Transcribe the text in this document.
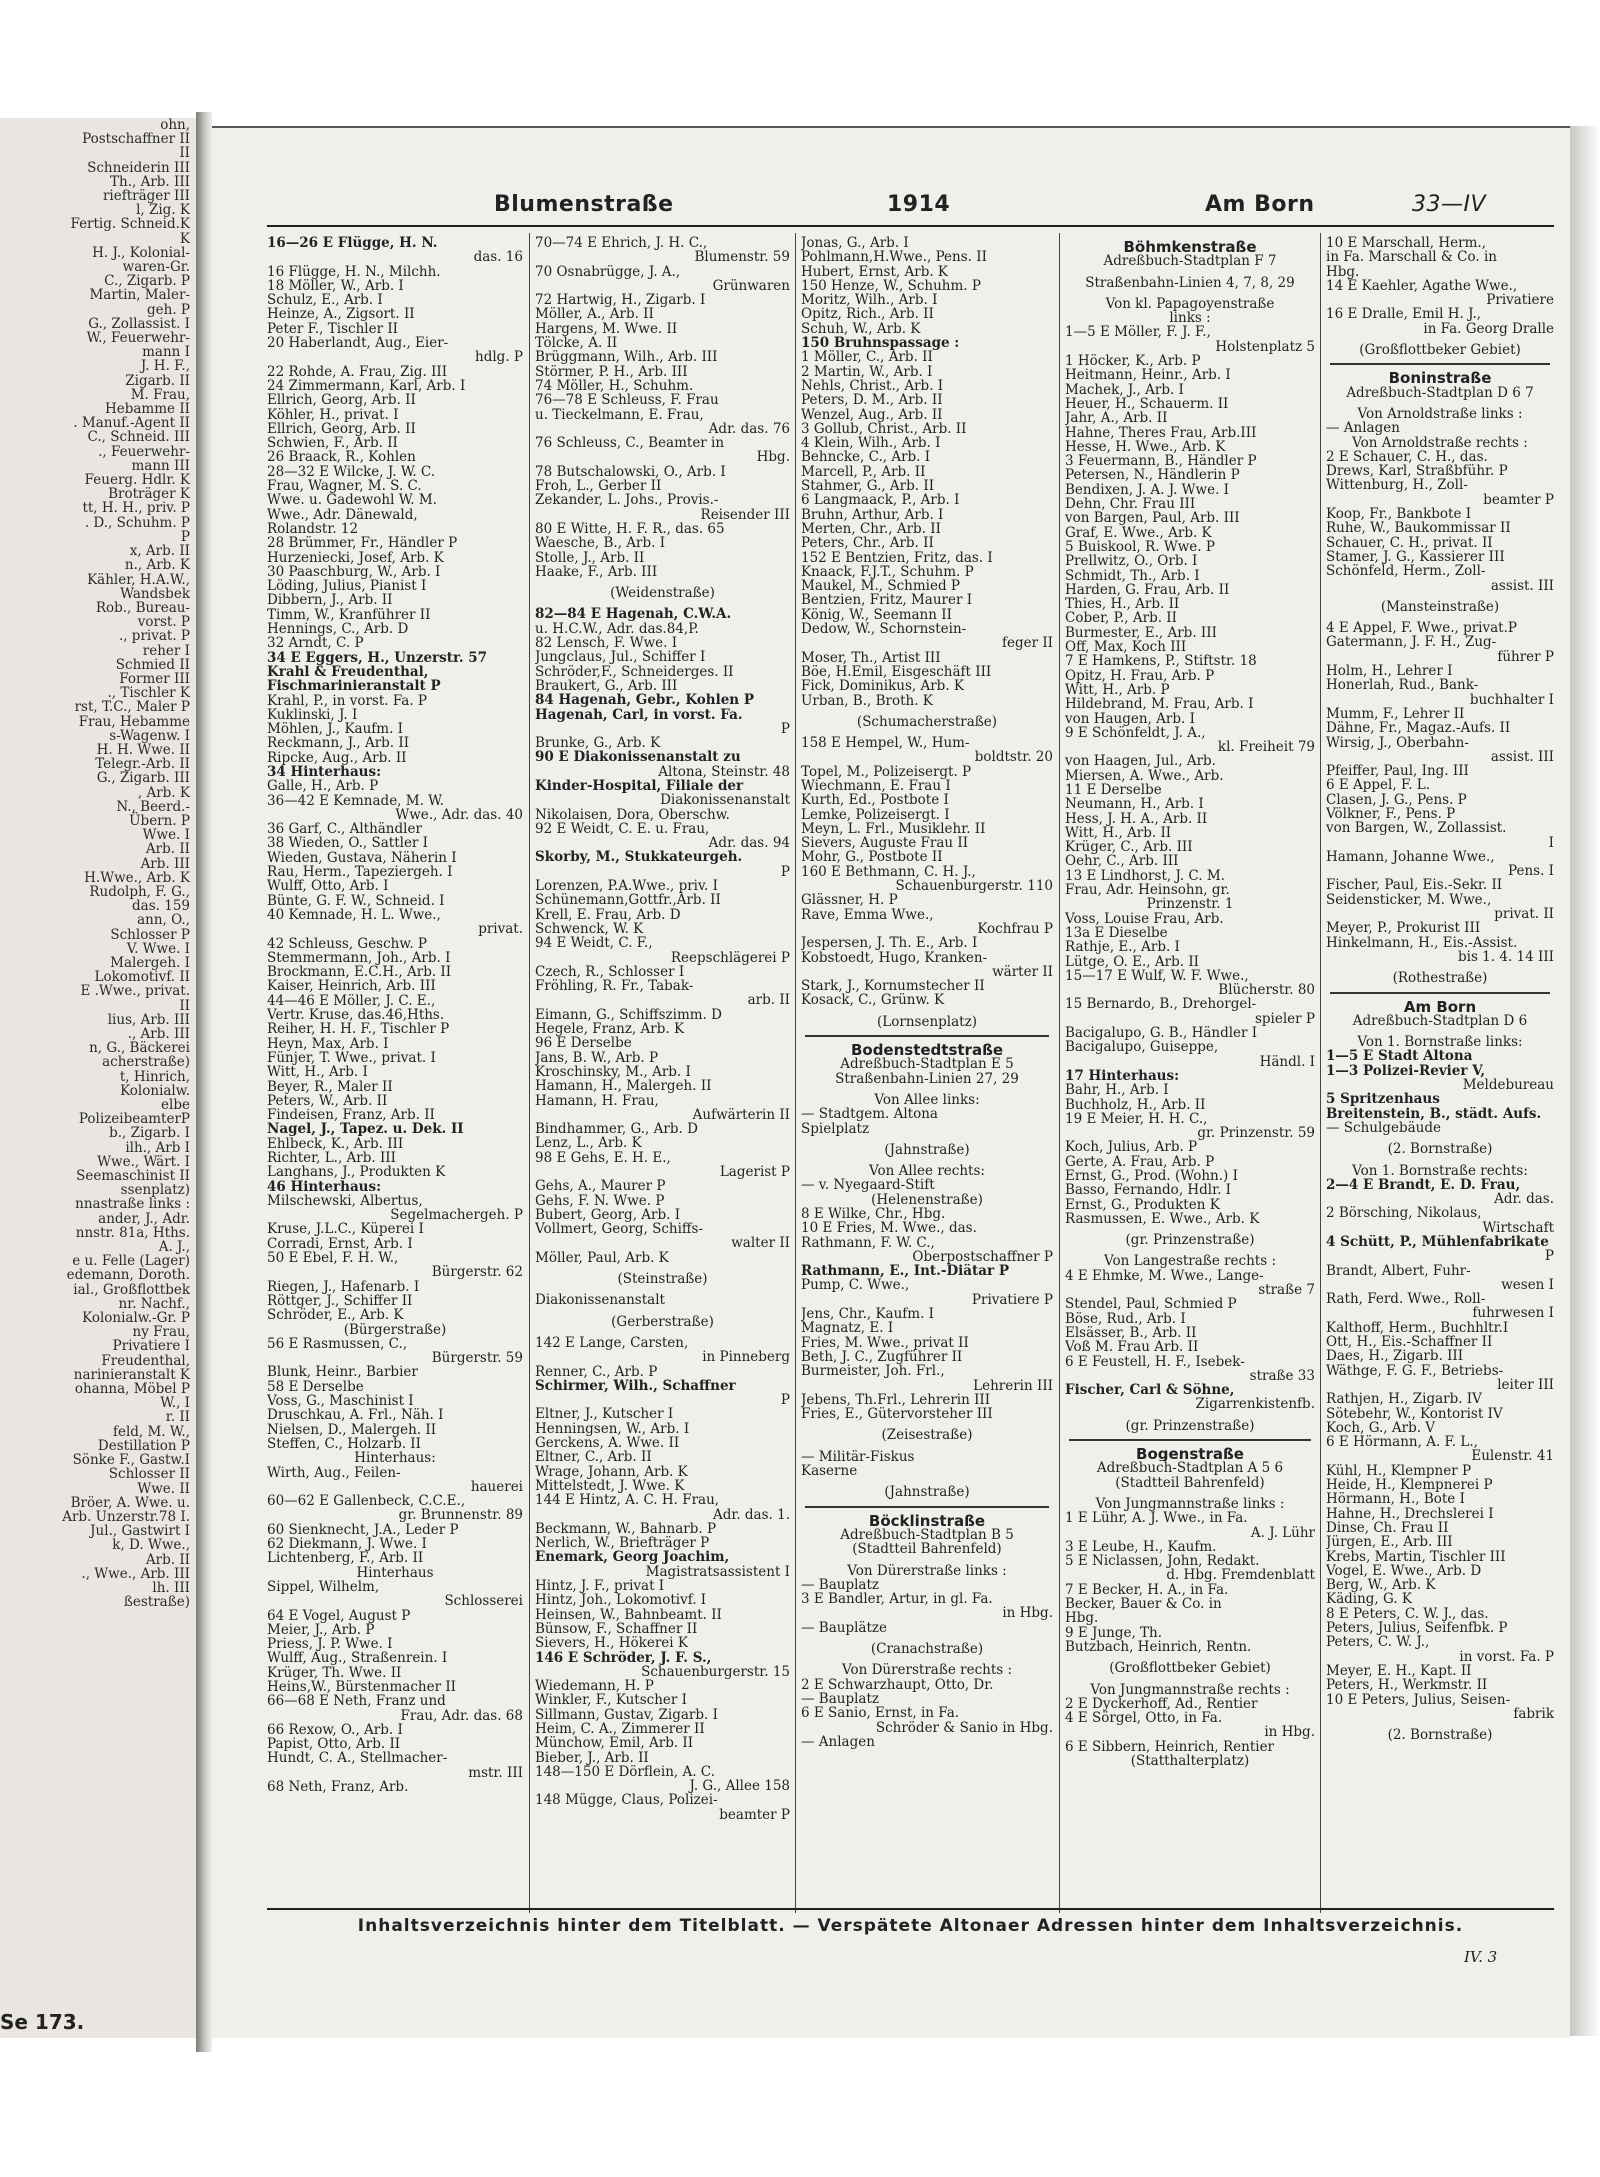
ohn,
Postschaffner II
II
Schneiderin III
Th., Arb. III
riefträger III
l, Zig. K
Fertig. Schneid.K
K
H. J., Kolonial-
waren-Gr.
C., Zigarb. P
Martin, Maler-
geh. P
G., Zollassist. I
W., Feuerwehr-
mann I
J. H. F.,
Zigarb. II
M. Frau,
Hebamme II
. Manuf.-Agent II
C., Schneid. III
., Feuerwehr-
mann III
Feuerg. Hdlr. K
Broträger K
tt, H. H., priv. P
. D., Schuhm. P
P
x, Arb. II
n., Arb. K
Kähler, H.A.W.,
Wandsbek
Rob., Bureau-
vorst. P
., privat. P
reher I
Schmied II
Former III
., Tischler K
rst, T.C., Maler P
Frau, Hebamme
s-Wagenw. I
H. H. Wwe. II
Telegr.-Arb. II
G., Zigarb. III
, Arb. K
N., Beerd.-
Übern. P
Wwe. I
Arb. II
Arb. III
H.Wwe., Arb. K
Rudolph, F. G.,
das. 159
ann, O.,
Schlosser P
V. Wwe. I
Malergeh. I
Lokomotivf. II
E .Wwe., privat.
II
lius, Arb. III
., Arb. III
n, G., Bäckerei
acherstraße)
t, Hinrich,
Kolonialw.
elbe
PolizeibeamterP
b., Zigarb. I
ilh., Arb I
Wwe., Wärt. I
Seemaschinist II
ssenplatz)
nnastraße links :
ander, J., Adr.
nnstr. 81a, Hths.
A. J.,
e u. Felle (Lager)
edemann, Doroth.
ial., Großflottbek
nr. Nachf.,
Kolonialw.-Gr. P
ny Frau,
Privatiere I
Freudenthal,
narinieranstalt K
ohanna, Möbel P
W., I
r. II
feld, M. W.,
Destillation P
Sönke F., Gastw.I
Schlosser II
Wwe. II
Bröer, A. Wwe. u.
Arb. Unzerstr.78 I.
Jul., Gastwirt I
k, D. Wwe.,
Arb. II
., Wwe., Arb. III
lh. III
ßestraße)
Se 173.
Blumenstraße	1914	Am Born	33—IV
16—26 E Flügge, H. N.
das. 16
16 Flügge, H. N., Milchh.
18 Möller, W., Arb. I
Schulz, E., Arb. I
Heinze, A., Zigsort. II
Peter F., Tischler II
20 Haberlandt, Aug., Eier-
hdlg. P
22 Rohde, A. Frau, Zig. III
24 Zimmermann, Karl, Arb. I
Ellrich, Georg, Arb. II
Köhler, H., privat. I
Ellrich, Georg, Arb. II
Schwien, F., Arb. II
26 Braack, R., Kohlen
28—32 E Wilcke, J. W. C.
Frau, Wagner, M. S. C.
Wwe. u. Gadewohl W. M.
Wwe., Adr. Dänewald,
Rolandstr. 12
28 Brümmer, Fr., Händler P
Hurzeniecki, Josef, Arb. K
30 Paaschburg, W., Arb. I
Löding, Julius, Pianist I
Dibbern, J., Arb. II
Timm, W., Kranführer II
Hennings, C., Arb. D
32 Arndt, C. P
34 E Eggers, H., Unzerstr. 57
Krahl & Freudenthal,
Fischmarinieranstalt P
Krahl, P., in vorst. Fa. P
Kuklinski, J. I
Möhlen, J., Kaufm. I
Reckmann, J., Arb. II
Ripcke, Aug., Arb. II
34 Hinterhaus:
Galle, H., Arb. P
36—42 E Kemnade, M. W.
Wwe., Adr. das. 40
36 Garf, C., Althändler
38 Wieden, O., Sattler I
Wieden, Gustava, Näherin I
Rau, Herm., Tapeziergeh. I
Wulff, Otto, Arb. I
Bünte, G. F. W., Schneid. I
40 Kemnade, H. L. Wwe.,
privat.
42 Schleuss, Geschw. P
Stemmermann, Joh., Arb. I
Brockmann, E.C.H., Arb. II
Kaiser, Heinrich, Arb. III
44—46 E Möller, J. C. E.,
Vertr. Kruse, das.46,Hths.
Reiher, H. H. F., Tischler P
Heyn, Max, Arb. I
Fünjer, T. Wwe., privat. I
Witt, H., Arb. I
Beyer, R., Maler II
Peters, W., Arb. II
Findeisen, Franz, Arb. II
Nagel, J., Tapez. u. Dek. II
Ehlbeck, K., Arb. III
Richter, L., Arb. III
Langhans, J., Produkten K
46 Hinterhaus:
Milschewski, Albertus,
Segelmachergeh. P
Kruse, J.L.C., Küperei I
Corradi, Ernst, Arb. I
50 E Ebel, F. H. W.,
Bürgerstr. 62
Riegen, J., Hafenarb. I
Röttger, J., Schiffer II
Schröder, E., Arb. K
(Bürgerstraße)
56 E Rasmussen, C.,
Bürgerstr. 59
Blunk, Heinr., Barbier
58 E Derselbe
Voss, G., Maschinist I
Druschkau, A. Frl., Näh. I
Nielsen, D., Malergeh. II
Steffen, C., Holzarb. II
Hinterhaus:
Wirth, Aug., Feilen-
hauerei
60—62 E Gallenbeck, C.C.E.,
gr. Brunnenstr. 89
60 Sienknecht, J.A., Leder P
62 Diekmann, J. Wwe. I
Lichtenberg, F., Arb. II
Hinterhaus
Sippel, Wilhelm,
Schlosserei
64 E Vogel, August P
Meier, J., Arb. P
Priess, J. P. Wwe. I
Wulff, Aug., Straßenrein. I
Krüger, Th. Wwe. II
Heins,W., Bürstenmacher II
66—68 E Neth, Franz und
Frau, Adr. das. 68
66 Rexow, O., Arb. I
Papist, Otto, Arb. II
Hundt, C. A., Stellmacher-
mstr. III
68 Neth, Franz, Arb.
70—74 E Ehrich, J. H. C.,
Blumenstr. 59
70 Osnabrügge, J. A.,
Grünwaren
72 Hartwig, H., Zigarb. I
Möller, A., Arb. II
Hargens, M. Wwe. II
Tölcke, A. II
Brüggmann, Wilh., Arb. III
Störmer, P. H., Arb. III
74 Möller, H., Schuhm.
76—78 E Schleuss, F. Frau
u. Tieckelmann, E. Frau,
Adr. das. 76
76 Schleuss, C., Beamter in
Hbg.
78 Butschalowski, O., Arb. I
Froh, L., Gerber II
Zekander, L. Johs., Provis.-
Reisender III
80 E Witte, H. F. R., das. 65
Waesche, B., Arb. I
Stolle, J., Arb. II
Haake, F., Arb. III
(Weidenstraße)
82—84 E Hagenah, C.W.A.
u. H.C.W., Adr. das.84,P.
82 Lensch, F. Wwe. I
Jungclaus, Jul., Schiffer I
Schröder,F., Schneiderges. II
Braukert, G., Arb. III
84 Hagenah, Gebr., Kohlen P
Hagenah, Carl, in vorst. Fa.
P
Brunke, G., Arb. K
90 E Diakonissenanstalt zu
Altona, Steinstr. 48
Kinder-Hospital, Filiale der
Diakonissenanstalt
Nikolaisen, Dora, Oberschw.
92 E Weidt, C. E. u. Frau,
Adr. das. 94
Skorby, M., Stukkateurgeh.
P
Lorenzen, P.A.Wwe., priv. I
Schünemann,Gottfr.,Arb. II
Krell, E. Frau, Arb. D
Schwenck, W. K
94 E Weidt, C. F.,
Reepschlägerei P
Czech, R., Schlosser I
Fröhling, R. Fr., Tabak-
arb. II
Eimann, G., Schiffszimm. D
Hegele, Franz, Arb. K
96 E Derselbe
Jans, B. W., Arb. P
Kroschinsky, M., Arb. I
Hamann, H., Malergeh. II
Hamann, H. Frau,
Aufwärterin II
Bindhammer, G., Arb. D
Lenz, L., Arb. K
98 E Gehs, E. H. E.,
Lagerist P
Gehs, A., Maurer P
Gehs, F. N. Wwe. P
Bubert, Georg, Arb. I
Vollmert, Georg, Schiffs-
walter II
Möller, Paul, Arb. K
(Steinstraße)
Diakonissenanstalt
(Gerberstraße)
142 E Lange, Carsten,
in Pinneberg
Renner, C., Arb. P
Schirmer, Wilh., Schaffner
P
Eltner, J., Kutscher I
Henningsen, W., Arb. I
Gerckens, A. Wwe. II
Eltner, C., Arb. II
Wrage, Johann, Arb. K
Mittelstedt, J. Wwe. K
144 E Hintz, A. C. H. Frau,
Adr. das. 1.
Beckmann, W., Bahnarb. P
Nerlich, W., Briefträger P
Enemark, Georg Joachim,
Magistratsassistent I
Hintz, J. F., privat I
Hintz, Joh., Lokomotivf. I
Heinsen, W., Bahnbeamt. II
Bünsow, F., Schaffner II
Sievers, H., Hökerei K
146 E Schröder, J. F. S.,
Schauenburgerstr. 15
Wiedemann, H. P
Winkler, F., Kutscher I
Sillmann, Gustav, Zigarb. I
Heim, C. A., Zimmerer II
Münchow, Emil, Arb. II
Bieber, J., Arb. II
148—150 E Dörflein, A. C.
J. G., Allee 158
148 Mügge, Claus, Polizei-
beamter P
Jonas, G., Arb. I
Pohlmann,H.Wwe., Pens. II
Hubert, Ernst, Arb. K
150 Henze, W., Schuhm. P
Moritz, Wilh., Arb. I
Opitz, Rich., Arb. II
Schuh, W., Arb. K
150 Bruhnspassage :
1 Möller, C., Arb. II
2 Martin, W., Arb. I
Nehls, Christ., Arb. I
Peters, D. M., Arb. II
Wenzel, Aug., Arb. II
3 Gollub, Christ., Arb. II
4 Klein, Wilh., Arb. I
Behncke, C., Arb. I
Marcell, P., Arb. II
Stahmer, G., Arb. II
6 Langmaack, P., Arb. I
Bruhn, Arthur, Arb. I
Merten, Chr., Arb. II
Peters, Chr., Arb. II
152 E Bentzien, Fritz, das. I
Knaack, F.J.T., Schuhm. P
Maukel, M., Schmied P
Bentzien, Fritz, Maurer I
König, W., Seemann II
Dedow, W., Schornstein-
feger II
Moser, Th., Artist III
Böe, H.Emil, Eisgeschäft III
Fick, Dominikus, Arb. K
Urban, B., Broth. K
(Schumacherstraße)
158 E Hempel, W., Hum-
boldtstr. 20
Topel, M., Polizeisergt. P
Wiechmann, E. Frau I
Kurth, Ed., Postbote I
Lemke, Polizeisergt. I
Meyn, L. Frl., Musiklehr. II
Sievers, Auguste Frau II
Mohr, G., Postbote II
160 E Bethmann, C. H. J.,
Schauenburgerstr. 110
Glässner, H. P
Rave, Emma Wwe.,
Kochfrau P
Jespersen, J. Th. E., Arb. I
Kobstoedt, Hugo, Kranken-
wärter II
Stark, J., Kornumstecher II
Kosack, C., Grünw. K
(Lornsenplatz)
Bodenstedtstraße
Adreßbuch-Stadtplan E 5
Straßenbahn-Linien 27, 29
Von Allee links:
— Stadtgem. Altona
Spielplatz
(Jahnstraße)
Von Allee rechts:
— v. Nyegaard-Stift
(Helenenstraße)
8 E Wilke, Chr., Hbg.
10 E Fries, M. Wwe., das.
Rathmann, F. W. C.,
Oberpostschaffner P
Rathmann, E., Int.-Diätar P
Pump, C. Wwe.,
Privatiere P
Jens, Chr., Kaufm. I
Magnatz, E. I
Fries, M. Wwe., privat II
Beth, J. C., Zugführer II
Burmeister, Joh. Frl.,
Lehrerin III
Jebens, Th.Frl., Lehrerin III
Fries, E., Gütervorsteher III
(Zeisestraße)
— Militär-Fiskus
Kaserne
(Jahnstraße)
Böcklinstraße
Adreßbuch-Stadtplan B 5
(Stadtteil Bahrenfeld)
Von Dürerstraße links :
— Bauplatz
3 E Bandler, Artur, in gl. Fa.
in Hbg.
— Bauplätze
(Cranachstraße)
Von Dürerstraße rechts :
2 E Schwarzhaupt, Otto, Dr.
— Bauplatz
6 E Sanio, Ernst, in Fa.
Schröder & Sanio in Hbg.
— Anlagen
Böhmkenstraße
Adreßbuch-Stadtplan F 7
Straßenbahn-Linien 4, 7, 8, 29
Von kl. Papagoyenstraße
links :
1—5 E Möller, F. J. F.,
Holstenplatz 5
1 Höcker, K., Arb. P
Heitmann, Heinr., Arb. I
Machek, J., Arb. I
Heuer, H., Schauerm. II
Jahr, A., Arb. II
Hahne, Theres Frau, Arb.III
Hesse, H. Wwe., Arb. K
3 Feuermann, B., Händler P
Petersen, N., Händlerin P
Bendixen, J. A. J. Wwe. I
Dehn, Chr. Frau III
von Bargen, Paul, Arb. III
Graf, E. Wwe., Arb. K
5 Buiskool, R. Wwe. P
Prellwitz, O., Orb. I
Schmidt, Th., Arb. I
Harden, G. Frau, Arb. II
Thies, H., Arb. II
Cober, P., Arb. II
Burmester, E., Arb. III
Off, Max, Koch III
7 E Hamkens, P., Stiftstr. 18
Opitz, H. Frau, Arb. P
Witt, H., Arb. P
Hildebrand, M. Frau, Arb. I
von Haugen, Arb. I
9 E Schönfeldt, J. A.,
kl. Freiheit 79
von Haagen, Jul., Arb.
Miersen, A. Wwe., Arb.
11 E Derselbe
Neumann, H., Arb. I
Hess, J. H. A., Arb. II
Witt, H., Arb. II
Krüger, C., Arb. III
Oehr, C., Arb. III
13 E Lindhorst, J. C. M.
Frau, Adr. Heinsohn, gr.
Prinzenstr. 1
Voss, Louise Frau, Arb.
13a E Dieselbe
Rathje, E., Arb. I
Lütge, O. E., Arb. II
15—17 E Wulf, W. F. Wwe.,
Blücherstr. 80
15 Bernardo, B., Drehorgel-
spieler P
Bacigalupo, G. B., Händler I
Bacigalupo, Guiseppe,
Händl. I
17 Hinterhaus:
Bahr, H., Arb. I
Buchholz, H., Arb. II
19 E Meier, H. H. C.,
gr. Prinzenstr. 59
Koch, Julius, Arb. P
Gerte, A. Frau, Arb. P
Ernst, G., Prod. (Wohn.) I
Basso, Fernando, Hdlr. I
Ernst, G., Produkten K
Rasmussen, E. Wwe., Arb. K
(gr. Prinzenstraße)
Von Langestraße rechts :
4 E Ehmke, M. Wwe., Lange-
straße 7
Stendel, Paul, Schmied P
Böse, Rud., Arb. I
Elsässer, B., Arb. II
Voß M. Frau Arb. II
6 E Feustell, H. F., Isebek-
straße 33
Fischer, Carl & Söhne,
Zigarrenkistenfb.
(gr. Prinzenstraße)
Bogenstraße
Adreßbuch-Stadtplan A 5 6
(Stadtteil Bahrenfeld)
Von Jungmannstraße links :
1 E Lühr, A. J. Wwe., in Fa.
A. J. Lühr
3 E Leube, H., Kaufm.
5 E Niclassen, John, Redakt.
d. Hbg. Fremdenblatt
7 E Becker, H. A., in Fa.
Becker, Bauer & Co. in
Hbg.
9 E Junge, Th.
Butzbach, Heinrich, Rentn.
(Großflottbeker Gebiet)
Von Jungmannstraße rechts :
2 E Dyckerhoff, Ad., Rentier
4 E Sörgel, Otto, in Fa.
in Hbg.
6 E Sibbern, Heinrich, Rentier
(Statthalterplatz)
10 E Marschall, Herm.,
in Fa. Marschall & Co. in
Hbg.
14 E Kaehler, Agathe Wwe.,
Privatiere
16 E Dralle, Emil H. J.,
in Fa. Georg Dralle
(Großflottbeker Gebiet)
Boninstraße
Adreßbuch-Stadtplan D 6 7
Von Arnoldstraße links :
— Anlagen
Von Arnoldstraße rechts :
2 E Schauer, C. H., das.
Drews, Karl, Straßbführ. P
Wittenburg, H., Zoll-
beamter P
Koop, Fr., Bankbote I
Ruhe, W., Baukommissar II
Schauer, C. H., privat. II
Stamer, J. G., Kassierer III
Schönfeld, Herm., Zoll-
assist. III
(Mansteinstraße)
4 E Appel, F. Wwe., privat.P
Gatermann, J. F. H., Zug-
führer P
Holm, H., Lehrer I
Honerlah, Rud., Bank-
buchhalter I
Mumm, F., Lehrer II
Dähne, Fr., Magaz.-Aufs. II
Wirsig, J., Oberbahn-
assist. III
Pfeiffer, Paul, Ing. III
6 E Appel, F. L.
Clasen, J. G., Pens. P
Völkner, F., Pens. P
von Bargen, W., Zollassist.
I
Hamann, Johanne Wwe.,
Pens. I
Fischer, Paul, Eis.-Sekr. II
Seidensticker, M. Wwe.,
privat. II
Meyer, P., Prokurist III
Hinkelmann, H., Eis.-Assist.
bis 1. 4. 14 III
(Rothestraße)
Am Born
Adreßbuch-Stadtplan D 6
Von 1. Bornstraße links:
1—5 E Stadt Altona
1—3 Polizei-Revier V,
Meldebureau
5 Spritzenhaus
Breitenstein, B., städt. Aufs.
— Schulgebäude
(2. Bornstraße)
Von 1. Bornstraße rechts:
2—4 E Brandt, E. D. Frau,
Adr. das.
2 Börsching, Nikolaus,
Wirtschaft
4 Schütt, P., Mühlenfabrikate
P
Brandt, Albert, Fuhr-
wesen I
Rath, Ferd. Wwe., Roll-
fuhrwesen I
Kalthoff, Herm., Buchhltr.I
Ott, H., Eis.-Schaffner II
Daes, H., Zigarb. III
Wäthge, F. G. F., Betriebs-
leiter III
Rathjen, H., Zigarb. IV
Sötebehr, W., Kontorist IV
Koch, G., Arb. V
6 E Hörmann, A. F. L.,
Eulenstr. 41
Kühl, H., Klempner P
Heide, H., Klempnerei P
Hörmann, H., Bote I
Hahne, H., Drechslerei I
Dinse, Ch. Frau II
Jürgen, E., Arb. III
Krebs, Martin, Tischler III
Vogel, E. Wwe., Arb. D
Berg, W., Arb. K
Käding, G. K
8 E Peters, C. W. J., das.
Peters, Julius, Seifenfbk. P
Peters, C. W. J.,
in vorst. Fa. P
Meyer, E. H., Kapt. II
Peters, H., Werkmstr. II
10 E Peters, Julius, Seisen-
fabrik
(2. Bornstraße)
Inhaltsverzeichnis hinter dem Titelblatt. — Verspätete Altonaer Adressen hinter dem Inhaltsverzeichnis.
IV. 3
